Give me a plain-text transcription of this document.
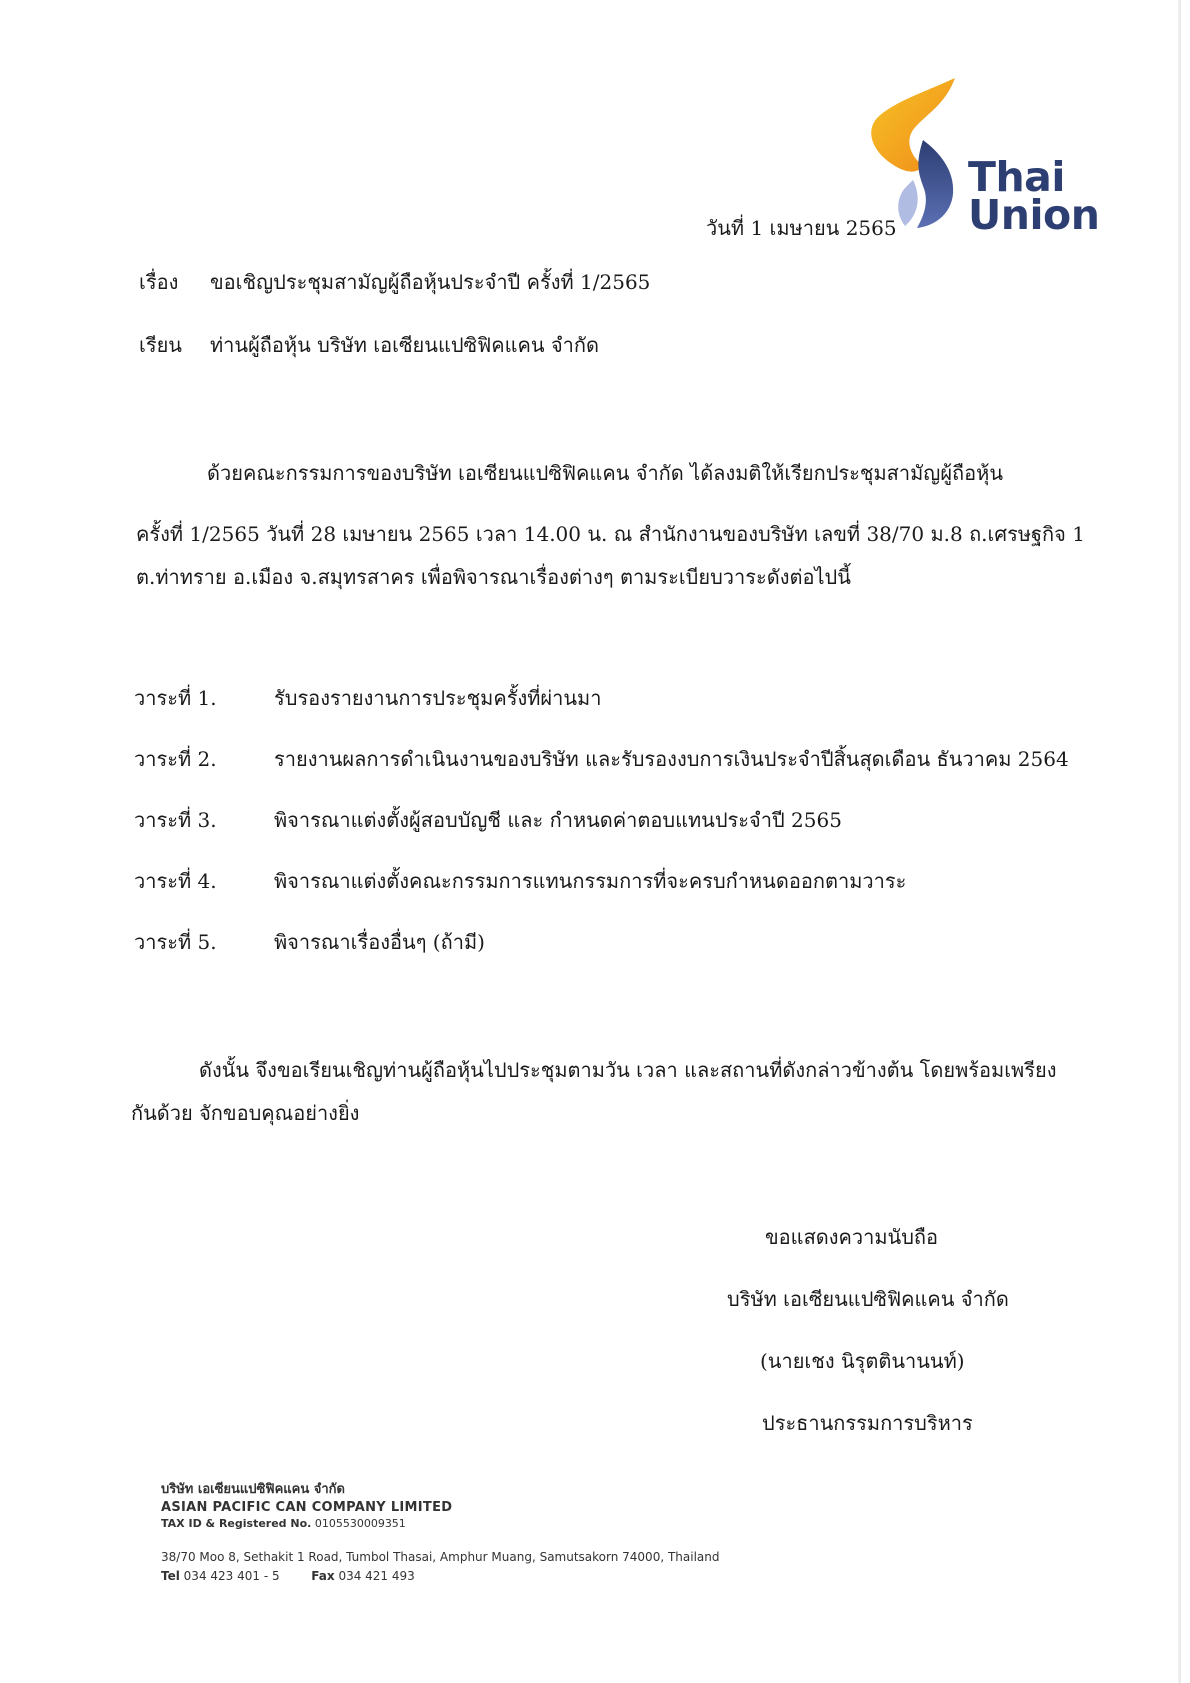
Thai
Union
วันที่ 1 เมษายน 2565
เรื่อง ขอเชิญประชุมสามัญผู้ถือหุ้นประจำปี ครั้งที่ 1/2565
เรียน ท่านผู้ถือหุ้น บริษัท เอเซียนแปซิฟิคแคน จำกัด
ด้วยคณะกรรมการของบริษัท เอเซียนแปซิฟิคแคน จำกัด ได้ลงมติให้เรียกประชุมสามัญผู้ถือหุ้น
ครั้งที่ 1/2565 วันที่ 28 เมษายน 2565 เวลา 14.00 น. ณ สำนักงานของบริษัท เลขที่ 38/70 ม.8 ถ.เศรษฐกิจ 1
ต.ท่าทราย อ.เมือง จ.สมุทรสาคร เพื่อพิจารณาเรื่องต่างๆ ตามระเบียบวาระดังต่อไปนี้
วาระที่ 1.	รับรองรายงานการประชุมครั้งที่ผ่านมา
วาระที่ 2.	รายงานผลการดำเนินงานของบริษัท และรับรองงบการเงินประจำปีสิ้นสุดเดือน ธันวาคม 2564
วาระที่ 3.	พิจารณาแต่งตั้งผู้สอบบัญชี และ กำหนดค่าตอบแทนประจำปี 2565
วาระที่ 4.	พิจารณาแต่งตั้งคณะกรรมการแทนกรรมการที่จะครบกำหนดออกตามวาระ
วาระที่ 5.	พิจารณาเรื่องอื่นๆ (ถ้ามี)
ดังนั้น จึงขอเรียนเชิญท่านผู้ถือหุ้นไปประชุมตามวัน เวลา และสถานที่ดังกล่าวข้างต้น โดยพร้อมเพรียง
กันด้วย จักขอบคุณอย่างยิ่ง
ขอแสดงความนับถือ
บริษัท เอเซียนแปซิฟิคแคน จำกัด
(นายเชง นิรุตตินานนท์)
ประธานกรรมการบริหาร
บริษัท เอเซียนแปซิฟิคแคน จำกัด
ASIAN PACIFIC CAN COMPANY LIMITED
TAX ID & Registered No. 0105530009351
38/70 Moo 8, Sethakit 1 Road, Tumbol Thasai, Amphur Muang, Samutsakorn 74000, Thailand
Tel 034 423 401 - 5	Fax 034 421 493
